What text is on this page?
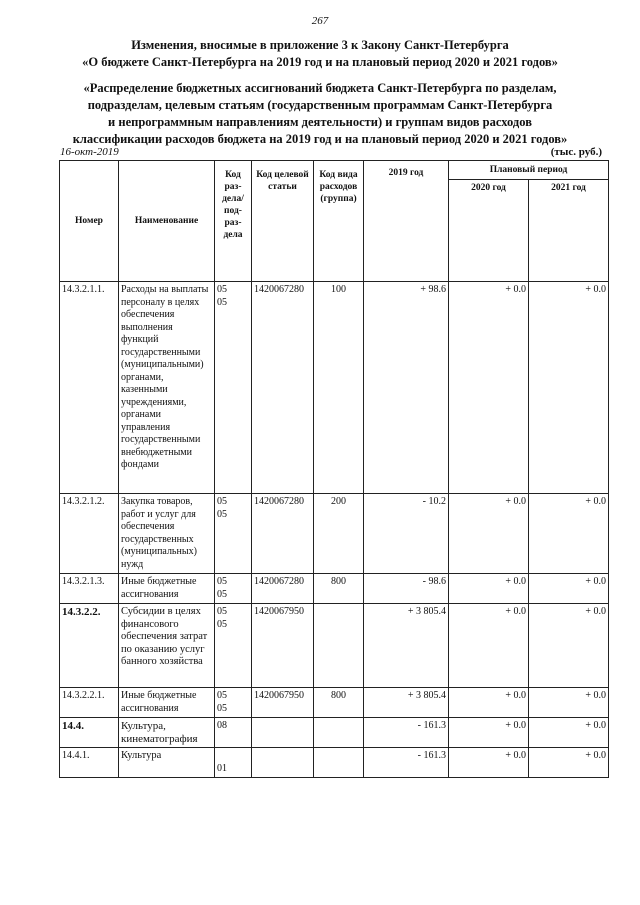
267
Изменения, вносимые в приложение 3 к Закону Санкт-Петербурга
«О бюджете Санкт-Петербурга на 2019 год и на плановый период 2020 и 2021 годов»
«Распределение бюджетных ассигнований бюджета Санкт-Петербурга по разделам,
подразделам, целевым статьям (государственным программам Санкт-Петербурга
и непрограммным направлениям деятельности) и группам видов расходов
классификации расходов бюджета на 2019 год и на плановый период 2020 и 2021 годов»
16-окт-2019	(тыс. руб.)
Номер	Наименование	Код раз-дела/ под-раз-дела	Код целевой статьи	Код вида расходов (группа)	2019 год	Плановый период	
						2020 год	2021 год
14.3.2.1.1.	Расходы на выплаты персоналу в целях обеспечения выполнения функций государственными (муниципальными) органами, казенными учреждениями, органами управления государственными внебюджетными фондами	0505	1420067280	100	+ 98.6	+ 0.0	+ 0.0
14.3.2.1.2.	Закупка товаров, работ и услуг для обеспечения государственных (муниципальных) нужд	0505	1420067280	200	- 10.2	+ 0.0	+ 0.0
14.3.2.1.3.	Иные бюджетные ассигнования	0505	1420067280	800	- 98.6	+ 0.0	+ 0.0
14.3.2.2.	Субсидии в целях финансового обеспечения затрат по оказанию услуг банного хозяйства	0505	1420067950		+ 3 805.4	+ 0.0	+ 0.0
14.3.2.2.1.	Иные бюджетные ассигнования	0505	1420067950	800	+ 3 805.4	+ 0.0	+ 0.0
14.4.	Культура, кинематография	08			- 161.3	+ 0.0	+ 0.0
14.4.1.	Культура	01			- 161.3	+ 0.0	+ 0.0
